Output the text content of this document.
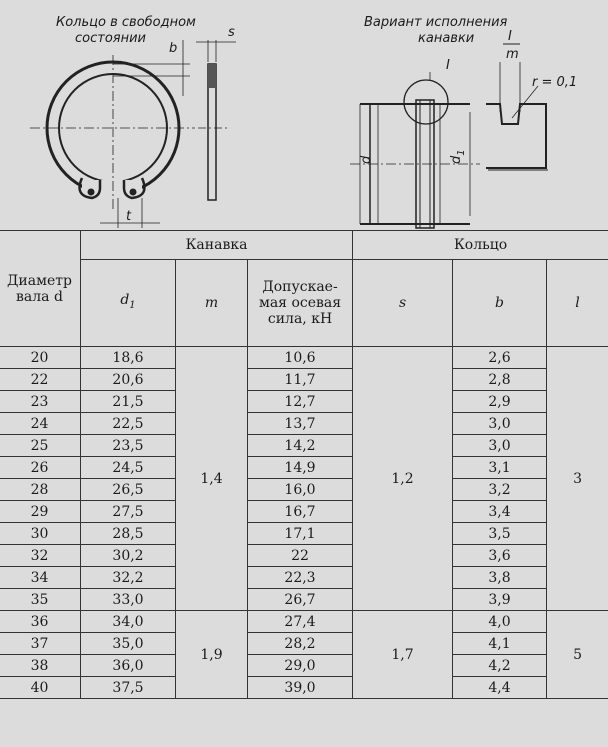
Кольцо в свободном
состоянии
Вариант исполнения
канавки
b
t
s
I
d	$d_1$
I
m
r = 0,1
Диаметр
вала d	Канавка			Кольцо		
	$d_1$	m	Допускае-
мая осевая
сила, кН	s	b	l
20	18,6	1,4	10,6	1,2	2,6	3
22	20,6		11,7		2,8	
23	21,5		12,7		2,9	
24	22,5		13,7		3,0	
25	23,5		14,2		3,0	
26	24,5		14,9		3,1	
28	26,5		16,0		3,2	
29	27,5		16,7		3,4	
30	28,5		17,1		3,5	
32	30,2		22		3,6	
34	32,2		22,3		3,8	
35	33,0		26,7		3,9	
36	34,0	1,9	27,4	1,7	4,0	5
37	35,0		28,2		4,1	
38	36,0		29,0		4,2	
40	37,5		39,0		4,4	
